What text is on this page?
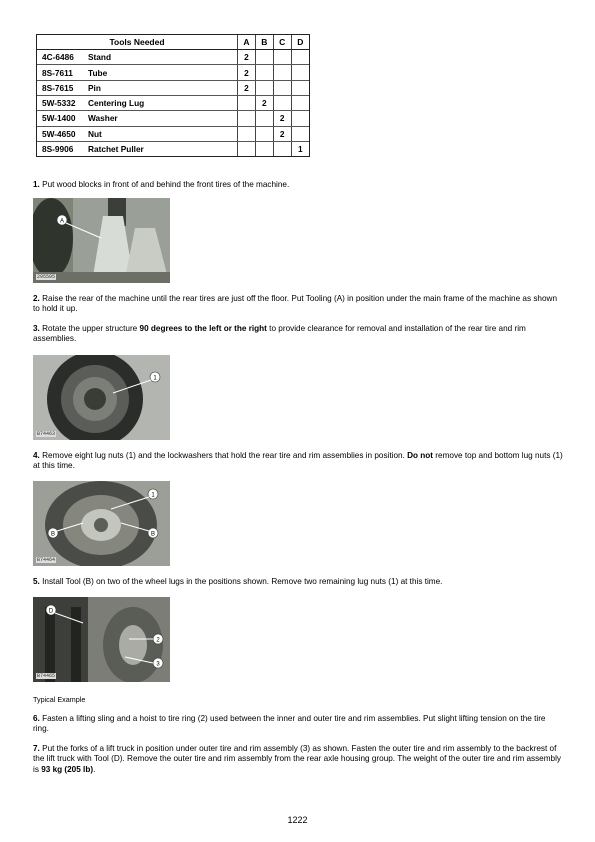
Tools Needed	A	B	C	D
4C-6486 Stand	2			
8S-7611 Tube	2			
8S-7615 Pin	2			
5W-5332 Centering Lug		2		
5W-1400 Washer			2	
5W-4650 Nut			2	
8S-9906 Ratchet Puller				1
1. Put wood blocks in front of and behind the front tires of the machine.
A
295505
2. Raise the rear of the machine until the rear tires are just off the floor. Put Tooling (A) in position under the main frame of the machine as shown to hold it up.
3. Rotate the upper structure 90 degrees to the left or the right to provide clearance for removal and installation of the rear tire and rim assemblies.
1
B74463
4. Remove eight lug nuts (1) and the lockwashers that hold the rear tire and rim assemblies in position. Do not remove top and bottom lug nuts (1) at this time.
1
B	B
B74464
5. Install Tool (B) on two of the wheel lugs in the positions shown. Remove two remaining lug nuts (1) at this time.
D
2
3
B74465
Typical Example
6. Fasten a lifting sling and a hoist to tire ring (2) used between the inner and outer tire and rim assemblies. Put slight lifting tension on the tire ring.
7. Put the forks of a lift truck in position under outer tire and rim assembly (3) as shown. Fasten the outer tire and rim assembly to the backrest of the lift truck with Tool (D). Remove the outer tire and rim assembly from the rear axle housing group. The weight of the outer tire and rim assembly is 93 kg (205 lb).
1222
